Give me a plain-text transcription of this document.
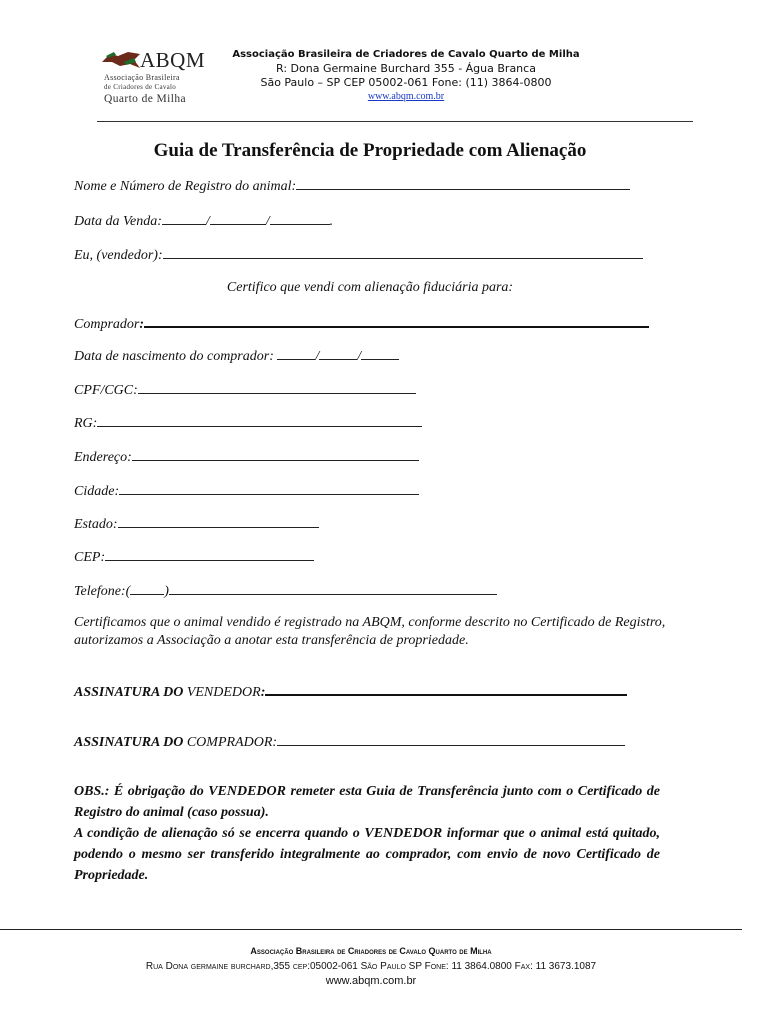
ABQM
Associação Brasileira
de Criadores de Cavalo
Quarto de Milha
Associação Brasileira de Criadores de Cavalo Quarto de Milha
R: Dona Germaine Burchard 355 - Água Branca
São Paulo – SP CEP 05002-061 Fone: (11) 3864-0800
www.abqm.com.br
Guia de Transferência de Propriedade com Alienação
Nome e Número de Registro do animal:
Data da Venda:	/	/	.
Eu, (vendedor):
Certifico que vendi com alienação fiduciária para:
Comprador:
Data de nascimento do comprador:	/	/
CPF/CGC:
RG:
Endereço:
Cidade:
Estado:
CEP:
Telefone:( )
Certificamos que o animal vendido é registrado na ABQM, conforme descrito no Certificado de Registro, autorizamos a Associação a anotar esta transferência de propriedade.
ASSINATURA DO VENDEDOR:
ASSINATURA DO COMPRADOR:
OBS.: É obrigação do VENDEDOR remeter esta Guia de Transferência junto com o Certificado de Registro do animal (caso possua).
A condição de alienação só se encerra quando o VENDEDOR informar que o animal está quitado, podendo o mesmo ser transferido integralmente ao comprador, com envio de novo Certificado de Propriedade.
Associação Brasileira de Criadores de Cavalo Quarto de Milha
Rua Dona germaine burchard,355 cep:05002-061 São Paulo SP Fone: 11 3864.0800 Fax: 11 3673.1087
www.abqm.com.br
